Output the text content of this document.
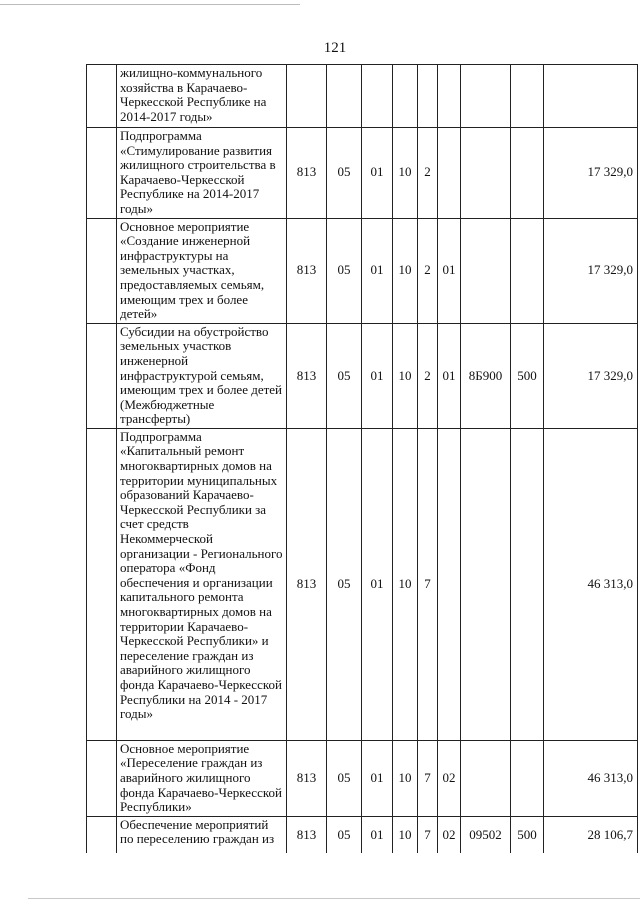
121
	жилищно-коммунального хозяйства в Карачаево-Черкесской Республике на 2014-2017 годы»									
	Подпрограмма «Стимулирование развития жилищного строительства в Карачаево-Черкесской Республике на 2014-2017 годы»	813	05	01	10	2				17 329,0
	Основное мероприятие «Создание инженерной инфраструктуры на земельных участках, предоставляемых семьям, имеющим трех и более детей»	813	05	01	10	2	01			17 329,0
	Субсидии на обустройство земельных участков инженерной инфраструктурой семьям, имеющим трех и более детей (Межбюджетные трансферты)	813	05	01	10	2	01	8Б900	500	17 329,0
	Подпрограмма «Капитальный ремонт многоквартирных домов на территории муниципальных образований Карачаево-Черкесской Республики за счет средств Некоммерческой организации - Регионального оператора «Фонд обеспечения и организации капитального ремонта многоквартирных домов на территории Карачаево-Черкесской Республики» и переселение граждан из аварийного жилищного фонда Карачаево-Черкесской Республики на 2014 - 2017 годы»	813	05	01	10	7				46 313,0
	Основное мероприятие «Переселение граждан из аварийного жилищного фонда Карачаево-Черкесской Республики»	813	05	01	10	7	02			46 313,0
	Обеспечение мероприятий по переселению граждан из	813	05	01	10	7	02	09502	500	28 106,7
